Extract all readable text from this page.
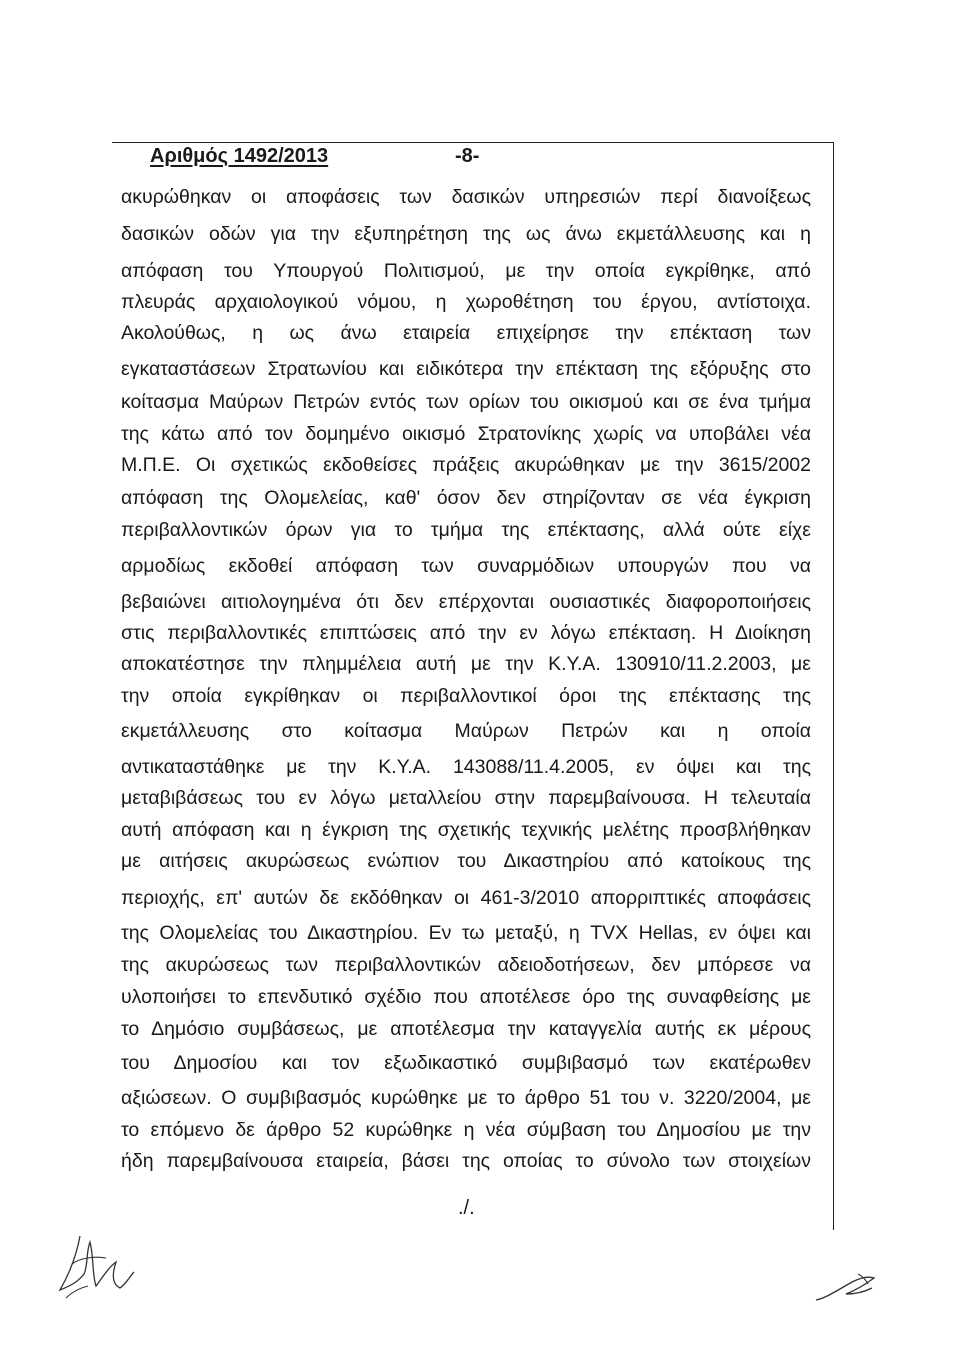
Αριθμός 1492/2013	-8-
ακυρώθηκαν οι αποφάσεις των δασικών υπηρεσιών περί διανοίξεως
δασικών οδών για την εξυπηρέτηση της ως άνω εκμετάλλευσης και η
απόφαση του Υπουργού Πολιτισμού, με την οποία εγκρίθηκε, από
πλευράς αρχαιολογικού νόμου, η χωροθέτηση του έργου, αντίστοιχα.
Ακολούθως, η ως άνω εταιρεία επιχείρησε την επέκταση των
εγκαταστάσεων Στρατωνίου και ειδικότερα την επέκταση της εξόρυξης στο
κοίτασμα Μαύρων Πετρών εντός των ορίων του οικισμού και σε ένα τμήμα
της κάτω από τον δομημένο οικισμό Στρατονίκης χωρίς να υποβάλει νέα
Μ.Π.Ε. Οι σχετικώς εκδοθείσες πράξεις ακυρώθηκαν με την 3615/2002
απόφαση της Ολομελείας, καθ' όσον δεν στηρίζονταν σε νέα έγκριση
περιβαλλοντικών όρων για το τμήμα της επέκτασης, αλλά ούτε είχε
αρμοδίως εκδοθεί απόφαση των συναρμόδιων υπουργών που να
βεβαιώνει αιτιολογημένα ότι δεν επέρχονται ουσιαστικές διαφοροποιήσεις
στις περιβαλλοντικές επιπτώσεις από την εν λόγω επέκταση. Η Διοίκηση
αποκατέστησε την πλημμέλεια αυτή με την Κ.Υ.Α. 130910/11.2.2003, με
την οποία εγκρίθηκαν οι περιβαλλοντικοί όροι της επέκτασης της
εκμετάλλευσης στο κοίτασμα Μαύρων Πετρών και η οποία
αντικαταστάθηκε με την Κ.Υ.Α. 143088/11.4.2005, εν όψει και της
μεταβιβάσεως του εν λόγω μεταλλείου στην παρεμβαίνουσα. Η τελευταία
αυτή απόφαση και η έγκριση της σχετικής τεχνικής μελέτης προσβλήθηκαν
με αιτήσεις ακυρώσεως ενώπιον του Δικαστηρίου από κατοίκους της
περιοχής, επ' αυτών δε εκδόθηκαν οι 461-3/2010 απορριπτικές αποφάσεις
της Ολομελείας του Δικαστηρίου. Εν τω μεταξύ, η TVX Hellas, εν όψει και
της ακυρώσεως των περιβαλλοντικών αδειοδοτήσεων, δεν μπόρεσε να
υλοποιήσει το επενδυτικό σχέδιο που αποτέλεσε όρο της συναφθείσης με
το Δημόσιο συμβάσεως, με αποτέλεσμα την καταγγελία αυτής εκ μέρους
του Δημοσίου και τον εξωδικαστικό συμβιβασμό των εκατέρωθεν
αξιώσεων. Ο συμβιβασμός κυρώθηκε με το άρθρο 51 του ν. 3220/2004, με
το επόμενο δε άρθρο 52 κυρώθηκε η νέα σύμβαση του Δημοσίου με την
ήδη παρεμβαίνουσα εταιρεία, βάσει της οποίας το σύνολο των στοιχείων
./.
